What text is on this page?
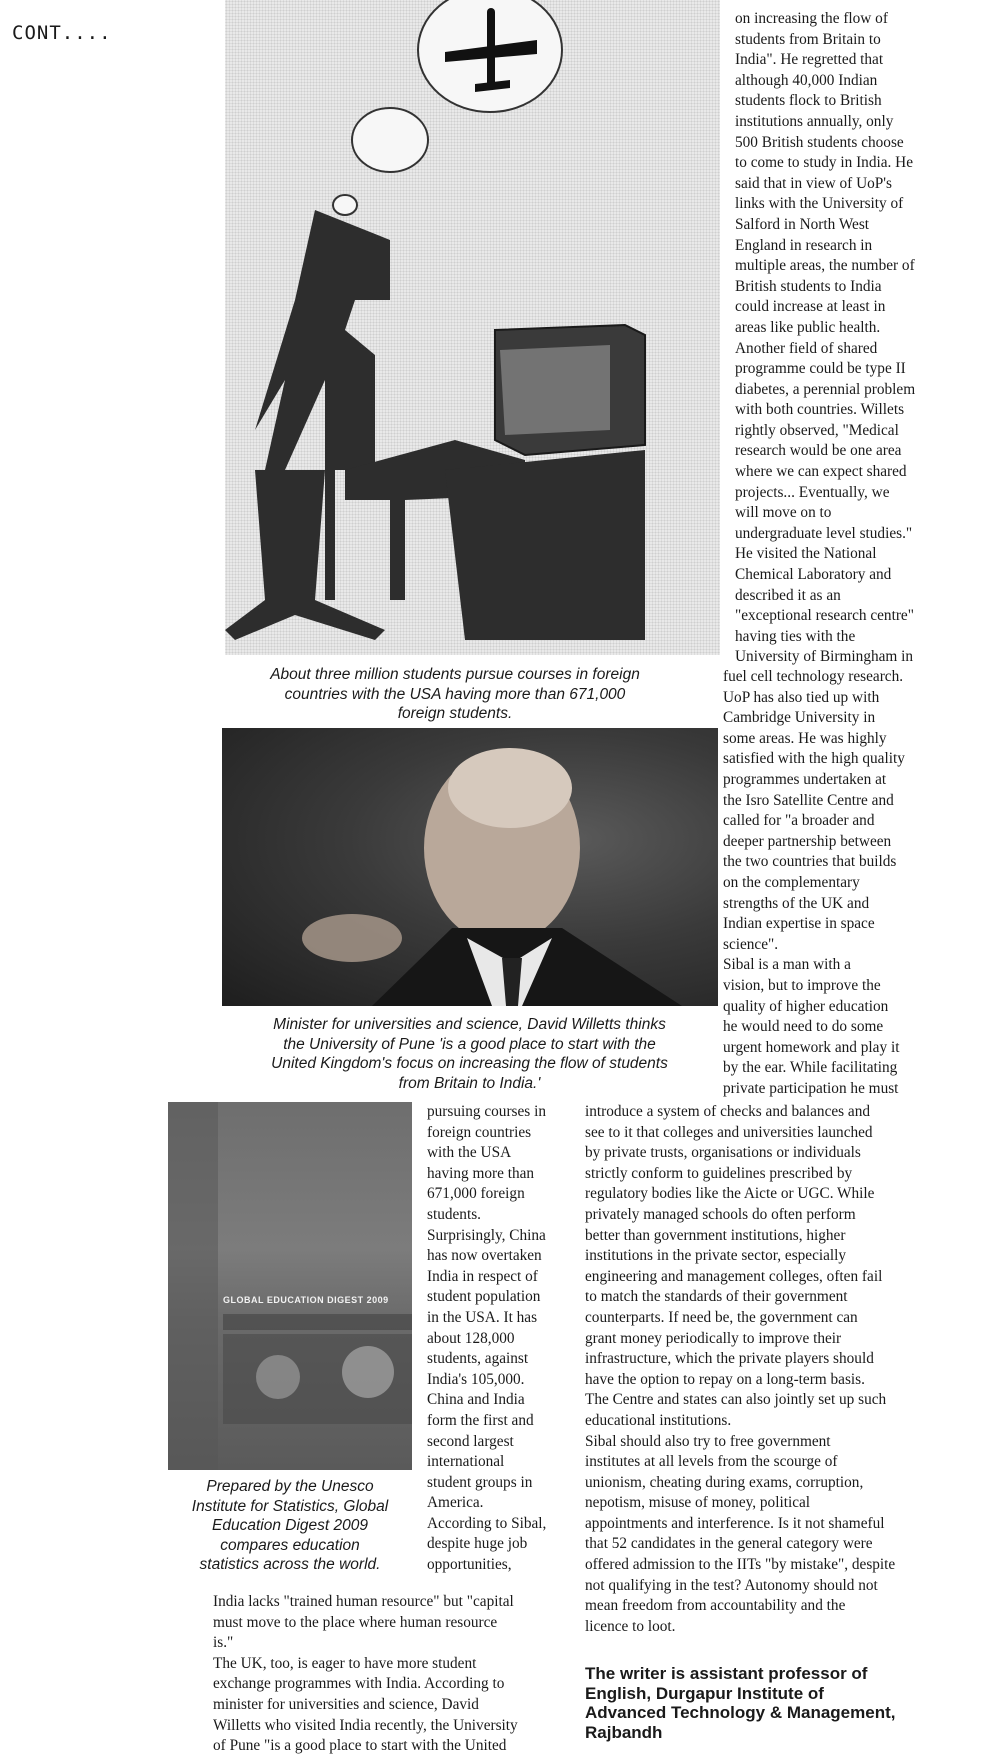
CONT....
About three million students pursue courses in foreign
countries with the USA having more than 671,000
foreign students.
on increasing the flow of
students from Britain to
India". He regretted that
although 40,000 Indian
students flock to British
institutions annually, only
500 British students choose
to come to study in India. He
said that in view of UoP's
links with the University of
Salford in North West
England in research in
multiple areas, the number of
British students to India
could increase at least in
areas like public health.
Another field of shared
programme could be type II
diabetes, a perennial problem
with both countries. Willets
rightly observed, "Medical
research would be one area
where we can expect shared
projects... Eventually, we
will move on to
undergraduate level studies."
He visited the National
Chemical Laboratory and
described it as an
"exceptional research centre"
having ties with the
University of Birmingham in
fuel cell technology research.
UoP has also tied up with
Cambridge University in
some areas. He was highly
satisfied with the high quality
programmes undertaken at
the Isro Satellite Centre and
called for "a broader and
deeper partnership between
the two countries that builds
on the complementary
strengths of the UK and
Indian expertise in space
science".
Sibal is a man with a
vision, but to improve the
quality of higher education
he would need to do some
urgent homework and play it
by the ear. While facilitating
private participation he must
Minister for universities and science, David Willetts thinks
the University of Pune 'is a good place to start with the
United Kingdom's focus on increasing the flow of students
from Britain to India.'
GLOBAL EDUCATION DIGEST 2009
Prepared by the Unesco
Institute for Statistics, Global
Education Digest 2009
compares education
statistics across the world.
pursuing courses in
foreign countries
with the USA
having more than
671,000 foreign
students.
Surprisingly, China
has now overtaken
India in respect of
student population
in the USA. It has
about 128,000
students, against
India's 105,000.
China and India
form the first and
second largest
international
student groups in
America.
According to Sibal,
despite huge job
opportunities,
India lacks "trained human resource" but "capital
must move to the place where human resource
is."
The UK, too, is eager to have more student
exchange programmes with India. According to
minister for universities and science, David
Willetts who visited India recently, the University
of Pune "is a good place to start with the United
introduce a system of checks and balances and
see to it that colleges and universities launched
by private trusts, organisations or individuals
strictly conform to guidelines prescribed by
regulatory bodies like the Aicte or UGC. While
privately managed schools do often perform
better than government institutions, higher
institutions in the private sector, especially
engineering and management colleges, often fail
to match the standards of their government
counterparts. If need be, the government can
grant money periodically to improve their
infrastructure, which the private players should
have the option to repay on a long-term basis.
The Centre and states can also jointly set up such
educational institutions.
Sibal should also try to free government
institutes at all levels from the scourge of
unionism, cheating during exams, corruption,
nepotism, misuse of money, political
appointments and interference. Is it not shameful
that 52 candidates in the general category were
offered admission to the IITs "by mistake", despite
not qualifying in the test? Autonomy should not
mean freedom from accountability and the
licence to loot.
The writer is assistant professor of
English, Durgapur Institute of
Advanced Technology & Management,
Rajbandh
